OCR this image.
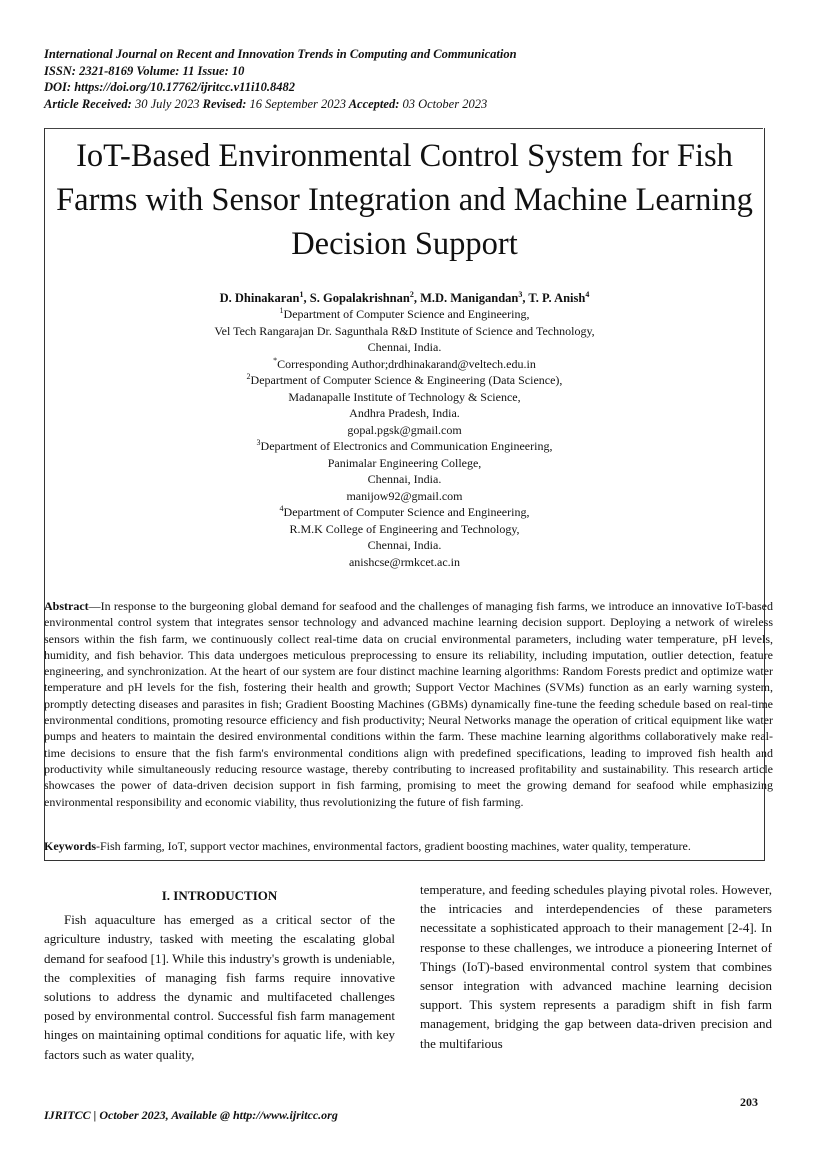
International Journal on Recent and Innovation Trends in Computing and Communication
ISSN: 2321-8169 Volume: 11 Issue: 10
DOI: https://doi.org/10.17762/ijritcc.v11i10.8482
Article Received: 30 July 2023 Revised: 16 September 2023 Accepted: 03 October 2023
IoT-Based Environmental Control System for Fish Farms with Sensor Integration and Machine Learning Decision Support
D. Dhinakaran$^1$, S. Gopalakrishnan$^2$, M.D. Manigandan$^3$, T. P. Anish$^4$
$^1$Department of Computer Science and Engineering,
Vel Tech Rangarajan Dr. Sagunthala R&D Institute of Science and Technology,
Chennai, India.
*Corresponding Author;drdhinakarand@veltech.edu.in
$^2$Department of Computer Science & Engineering (Data Science),
Madanapalle Institute of Technology & Science,
Andhra Pradesh, India.
gopal.pgsk@gmail.com
$^3$Department of Electronics and Communication Engineering,
Panimalar Engineering College,
Chennai, India.
manijow92@gmail.com
$^4$Department of Computer Science and Engineering,
R.M.K College of Engineering and Technology,
Chennai, India.
anishcse@rmkcet.ac.in

Abstract—In response to the burgeoning global demand for seafood and the challenges of managing fish farms, we introduce an innovative IoT-based environmental control system that integrates sensor technology and advanced machine learning decision support. Deploying a network of wireless sensors within the fish farm, we continuously collect real-time data on crucial environmental parameters, including water temperature, pH levels, humidity, and fish behavior. This data undergoes meticulous preprocessing to ensure its reliability, including imputation, outlier detection, feature engineering, and synchronization. At the heart of our system are four distinct machine learning algorithms: Random Forests predict and optimize water temperature and pH levels for the fish, fostering their health and growth; Support Vector Machines (SVMs) function as an early warning system, promptly detecting diseases and parasites in fish; Gradient Boosting Machines (GBMs) dynamically fine-tune the feeding schedule based on real-time environmental conditions, promoting resource efficiency and fish productivity; Neural Networks manage the operation of critical equipment like water pumps and heaters to maintain the desired environmental conditions within the farm. These machine learning algorithms collaboratively make real-time decisions to ensure that the fish farm's environmental conditions align with predefined specifications, leading to improved fish health and productivity while simultaneously reducing resource wastage, thereby contributing to increased profitability and sustainability. This research article showcases the power of data-driven decision support in fish farming, promising to meet the growing demand for seafood while emphasizing environmental responsibility and economic viability, thus revolutionizing the future of fish farming.

Keywords-Fish farming, IoT, support vector machines, environmental factors, gradient boosting machines, water quality, temperature.

I. INTRODUCTION

Fish aquaculture has emerged as a critical sector of the agriculture industry, tasked with meeting the escalating global demand for seafood [1]. While this industry's growth is undeniable, the complexities of managing fish farms require innovative solutions to address the dynamic and multifaceted challenges posed by environmental control. Successful fish farm management hinges on maintaining optimal conditions for aquatic life, with key factors such as water quality,

temperature, and feeding schedules playing pivotal roles. However, the intricacies and interdependencies of these parameters necessitate a sophisticated approach to their management [2-4]. In response to these challenges, we introduce a pioneering Internet of Things (IoT)-based environmental control system that combines sensor integration with advanced machine learning decision support. This system represents a paradigm shift in fish farm management, bridging the gap between data-driven precision and the multifarious

203
IJRITCC | October 2023, Available @ http://www.ijritcc.org
